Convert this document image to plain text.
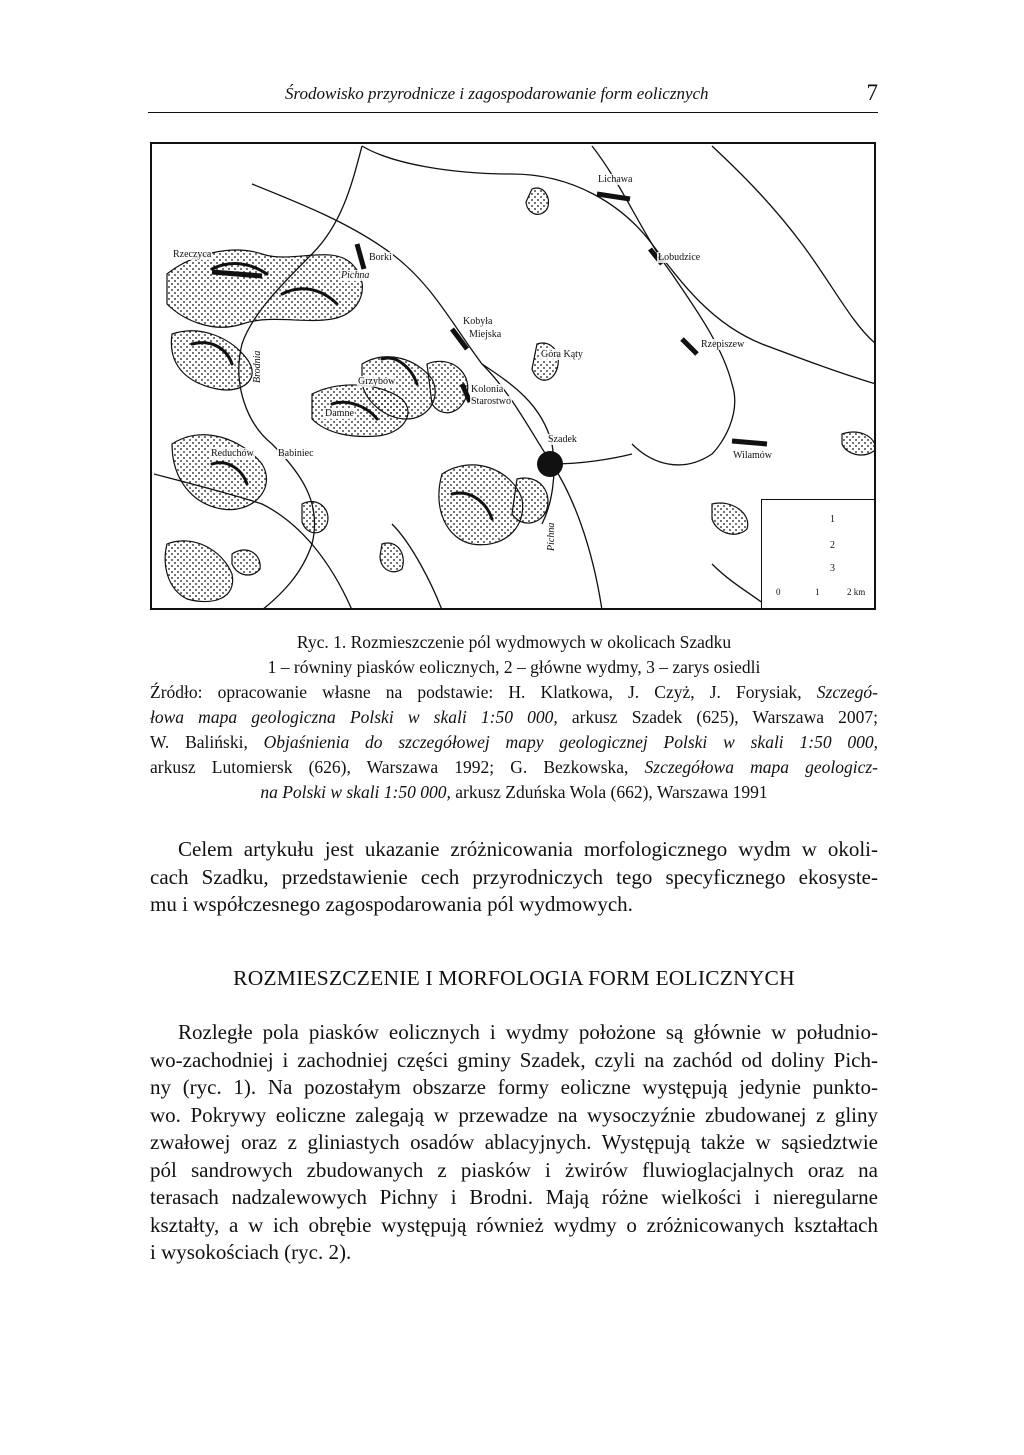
Środowisko przyrodnicze i zagospodarowanie form eolicznych	7
Lichawa
Rzeczyca	Borki
Pichna
Łobudzice
Kobyła
Miejska
Góra Kąty
Rzepiszew
Grzybów
Kolonia
Starostwo
Damne
Szadek
Reduchów Babiniec	Wilamów
Brodnia
Pichna
1
2
3
0	1	2 km
Ryc. 1. Rozmieszczenie pól wydmowych w okolicach Szadku
1 – równiny piasków eolicznych, 2 – główne wydmy, 3 – zarys osiedli
Źródło: opracowanie własne na podstawie: H. Klatkowa, J. Czyż, J. Forysiak, Szczegó-
łowa mapa geologiczna Polski w skali 1:50 000, arkusz Szadek (625), Warszawa 2007;
W. Baliński, Objaśnienia do szczegółowej mapy geologicznej Polski w skali 1:50 000,
arkusz Lutomiersk (626), Warszawa 1992; G. Bezkowska, Szczegółowa mapa geologicz-
na Polski w skali 1:50 000, arkusz Zduńska Wola (662), Warszawa 1991
Celem artykułu jest ukazanie zróżnicowania morfologicznego wydm w okoli-
cach Szadku, przedstawienie cech przyrodniczych tego specyficznego ekosyste-
mu i współczesnego zagospodarowania pól wydmowych.
ROZMIESZCZENIE I MORFOLOGIA FORM EOLICZNYCH
Rozległe pola piasków eolicznych i wydmy położone są głównie w południo-
wo-zachodniej i zachodniej części gminy Szadek, czyli na zachód od doliny Pich-
ny (ryc. 1). Na pozostałym obszarze formy eoliczne występują jedynie punkto-
wo. Pokrywy eoliczne zalegają w przewadze na wysoczyźnie zbudowanej z gliny
zwałowej oraz z gliniastych osadów ablacyjnych. Występują także w sąsiedztwie
pól sandrowych zbudowanych z piasków i żwirów fluwioglacjalnych oraz na
terasach nadzalewowych Pichny i Brodni. Mają różne wielkości i nieregularne
kształty, a w ich obrębie występują również wydmy o zróżnicowanych kształtach
i wysokościach (ryc. 2).
